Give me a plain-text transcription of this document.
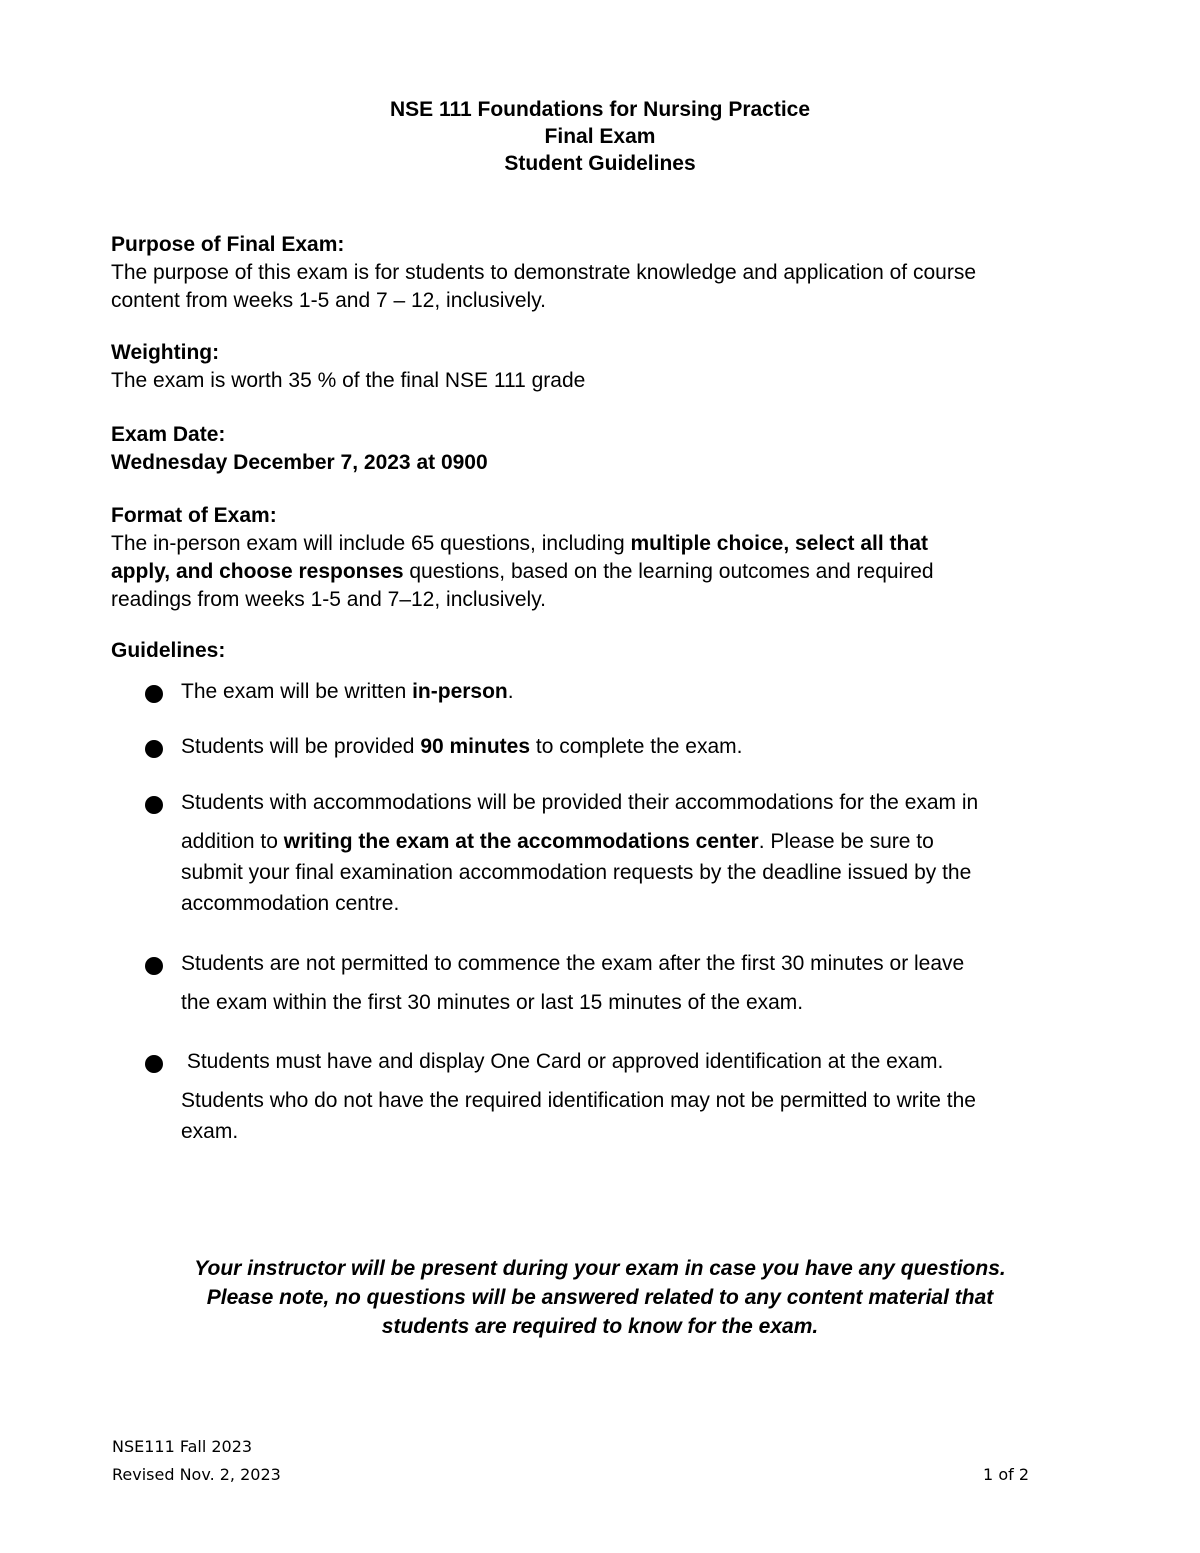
NSE 111 Foundations for Nursing Practice
Final Exam
Student Guidelines

Purpose of Final Exam:

The purpose of this exam is for students to demonstrate knowledge and application of course

content from weeks 1-5 and 7 – 12, inclusively.

Weighting:

The exam is worth 35 % of the final NSE 111 grade

Exam Date:

Wednesday December 7, 2023 at 0900

Format of Exam:

The in-person exam will include 65 questions, including multiple choice, select all that

apply, and choose responses questions, based on the learning outcomes and required

readings from weeks 1-5 and 7–12, inclusively.

Guidelines:

The exam will be written in-person.
Students will be provided 90 minutes to complete the exam.
Students with accommodations will be provided their accommodations for the exam in
addition to writing the exam at the accommodations center. Please be sure to
submit your final examination accommodation requests by the deadline issued by the
accommodation centre.
Students are not permitted to commence the exam after the first 30 minutes or leave
the exam within the first 30 minutes or last 15 minutes of the exam.
Students must have and display One Card or approved identification at the exam.
Students who do not have the required identification may not be permitted to write the
exam.
Your instructor will be present during your exam in case you have any questions.
Please note, no questions will be answered related to any content material that
students are required to know for the exam.
NSE111 Fall 2023
Revised Nov. 2, 2023	1 of 2
